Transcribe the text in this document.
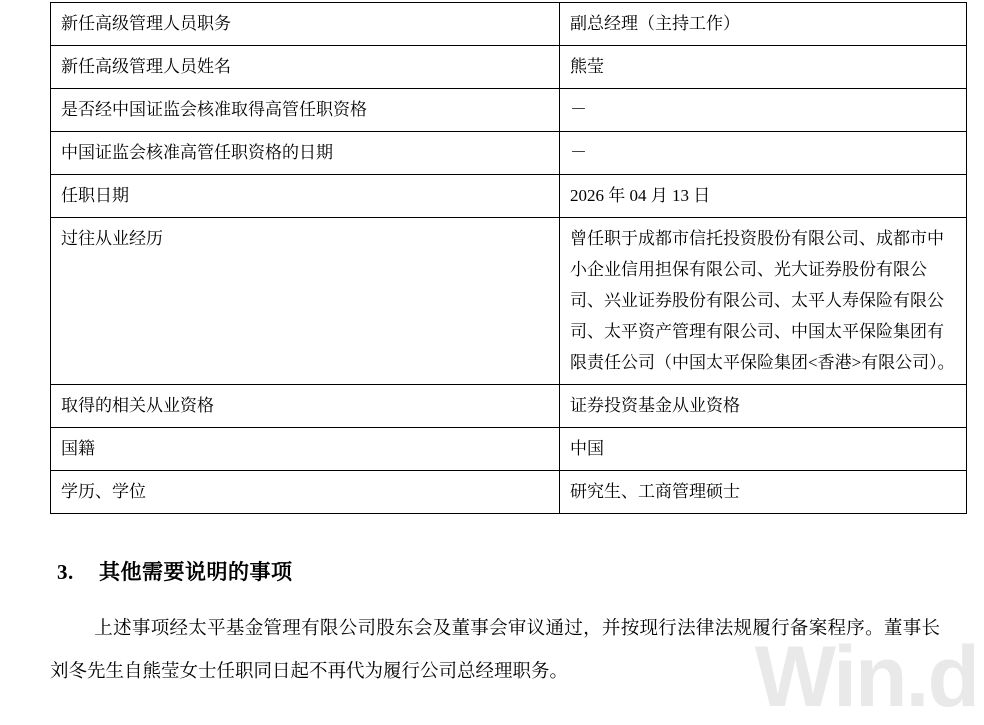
Win.d
新任高级管理人员职务	副总经理（主持工作）

新任高级管理人员姓名	熊莹

是否经中国证监会核准取得高管任职资格	－

中国证监会核准高管任职资格的日期	－

任职日期	2026 年 04 月 13 日

过往从业经历	曾任职于成都市信托投资股份有限公司、成都市中小企业信用担保有限公司、光大证券股份有限公司、兴业证券股份有限公司、太平人寿保险有限公司、太平资产管理有限公司、中国太平保险集团有限责任公司（中国太平保险集团<香港>有限公司）。

取得的相关从业资格	证券投资基金从业资格

国籍	中国

学历、学位	研究生、工商管理硕士
3. 其他需要说明的事项
上述事项经太平基金管理有限公司股东会及董事会审议通过，并按现行法律法规履行备案程序。董事长刘冬先生自熊莹女士任职同日起不再代为履行公司总经理职务。
